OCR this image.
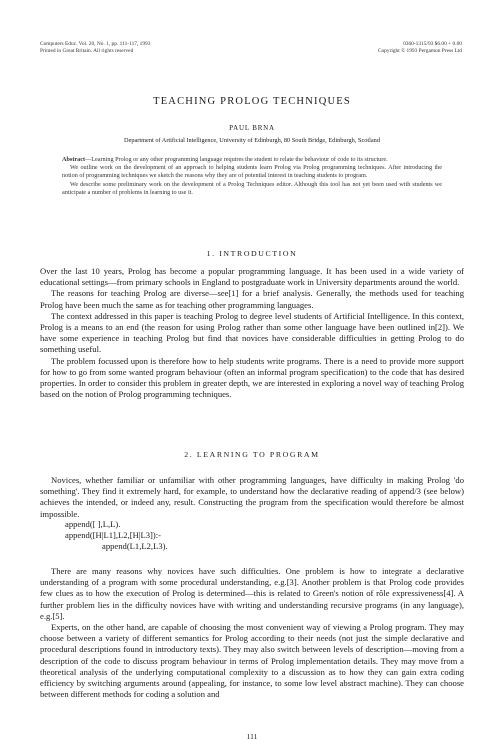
Computers Educ. Vol. 20, No. 1, pp. 111-117, 1993
Printed in Great Britain. All rights reserved
0360-1315/93 $6.00 + 0.00
Copyright © 1993 Pergamon Press Ltd
TEACHING PROLOG TECHNIQUES
PAUL BRNA
Department of Artificial Intelligence, University of Edinburgh, 80 South Bridge, Edinburgh, Scotland

Abstract—Learning Prolog or any other programming language requires the student to relate the behaviour of code to its structure.

We outline work on the development of an approach to helping students learn Prolog via Prolog programming techniques. After introducing the notion of programming techniques we sketch the reasons why they are of potential interest in teaching students to program.

We describe some preliminary work on the development of a Prolog Techniques editor. Although this tool has not yet been used with students we anticipate a number of problems in learning to use it.

1. INTRODUCTION

Over the last 10 years, Prolog has become a popular programming language. It has been used in a wide variety of educational settings—from primary schools in England to postgraduate work in University departments around the world.

The reasons for teaching Prolog are diverse—see[1] for a brief analysis. Generally, the methods used for teaching Prolog have been much the same as for teaching other programming languages.

The context addressed in this paper is teaching Prolog to degree level students of Artificial Intelligence. In this context, Prolog is a means to an end (the reason for using Prolog rather than some other language have been outlined in[2]). We have some experience in teaching Prolog but find that novices have considerable difficulties in getting Prolog to do something useful.

The problem focussed upon is therefore how to help students write programs. There is a need to provide more support for how to go from some wanted program behaviour (often an informal program specification) to the code that has desired properties. In order to consider this problem in greater depth, we are interested in exploring a novel way of teaching Prolog based on the notion of Prolog programming techniques.

2. LEARNING TO PROGRAM

Novices, whether familiar or unfamiliar with other programming languages, have difficulty in making Prolog 'do something'. They find it extremely hard, for example, to understand how the declarative reading of append/3 (see below) achieves the intended, or indeed any, result. Constructing the program from the specification would therefore be almost impossible.

append([ ],L,L).
append([H|L1],L2,[H|L3]):-
append(L1,L2,L3).

There are many reasons why novices have such difficulties. One problem is how to integrate a declarative understanding of a program with some procedural understanding, e.g.[3]. Another problem is that Prolog code provides few clues as to how the execution of Prolog is determined—this is related to Green's notion of rôle expressiveness[4]. A further problem lies in the difficulty novices have with writing and understanding recursive programs (in any language), e.g.[5].

Experts, on the other hand, are capable of choosing the most convenient way of viewing a Prolog program. They may choose between a variety of different semantics for Prolog according to their needs (not just the simple declarative and procedural descriptions found in introductory texts). They may also switch between levels of description—moving from a description of the code to discuss program behaviour in terms of Prolog implementation details. They may move from a theoretical analysis of the underlying computational complexity to a discussion as to how they can gain extra coding efficiency by switching arguments around (appealing, for instance, to some low level abstract machine). They can choose between different methods for coding a solution and

111
